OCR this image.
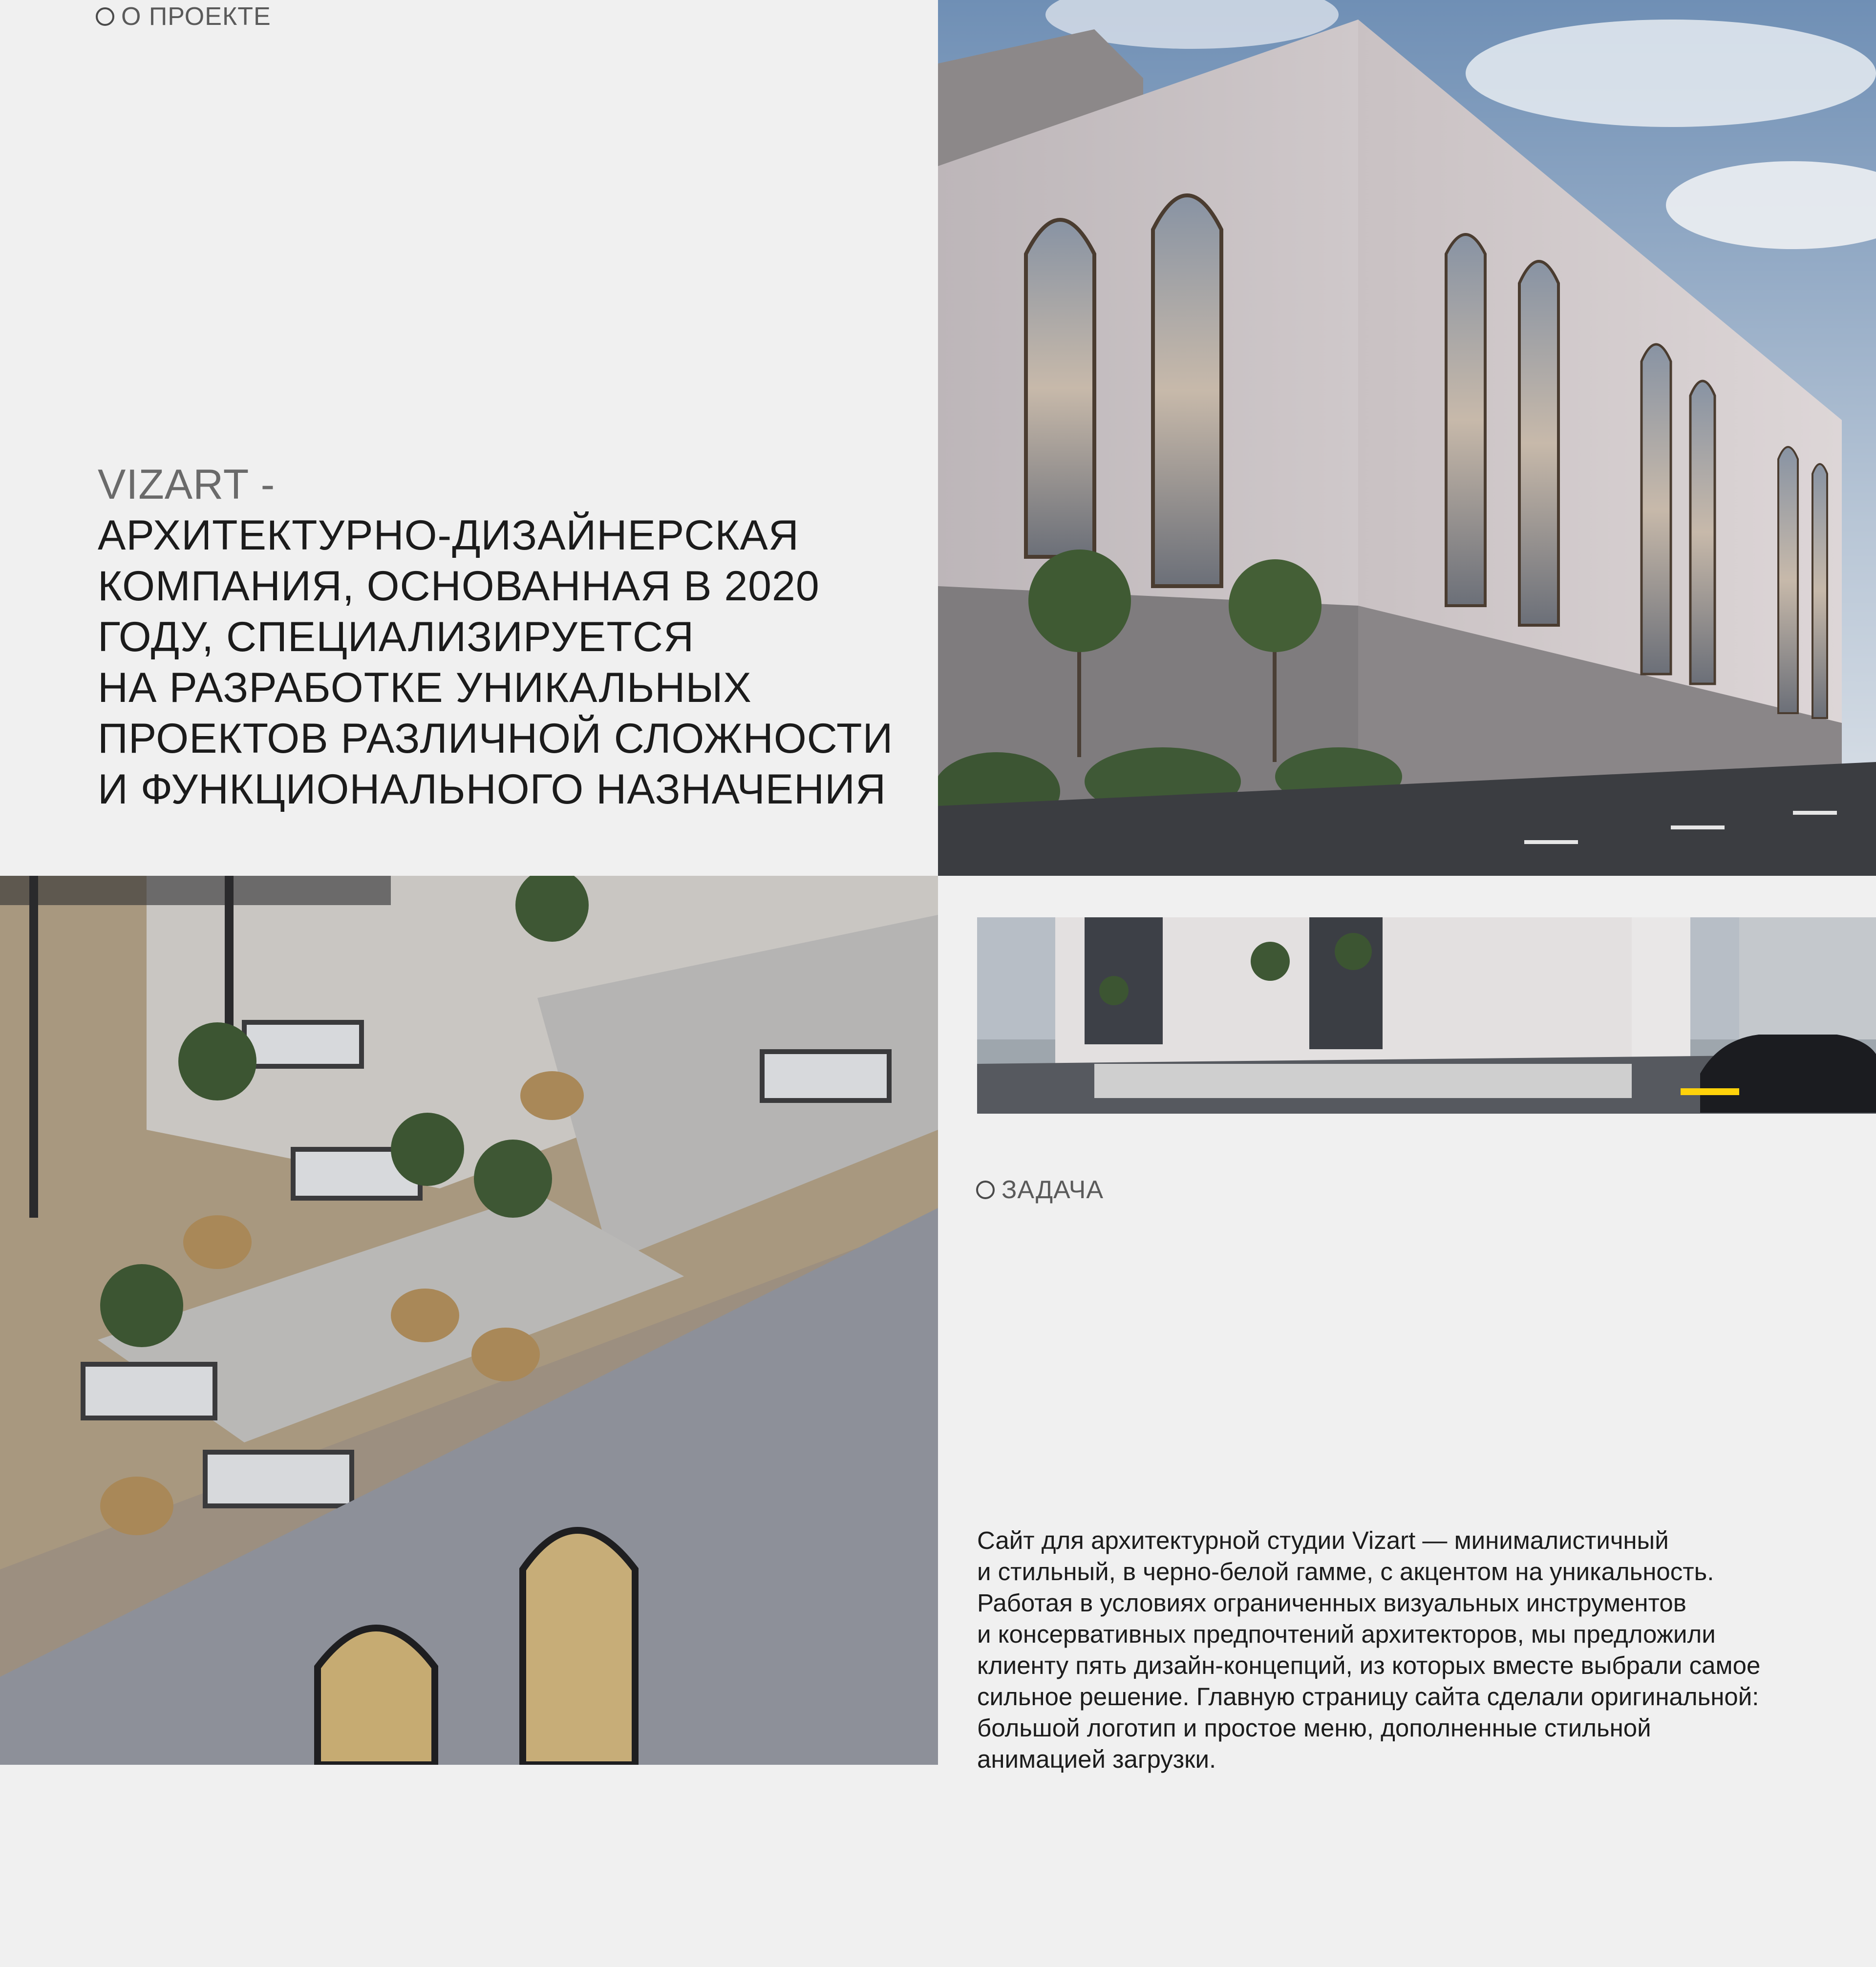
О ПРОЕКТЕ
VIZART -
АРХИТЕКТУРНО-ДИЗАЙНЕРСКАЯ
КОМПАНИЯ, ОСНОВАННАЯ В 2020
ГОДУ, СПЕЦИАЛИЗИРУЕТСЯ
НА РАЗРАБОТКЕ УНИКАЛЬНЫХ
ПРОЕКТОВ РАЗЛИЧНОЙ СЛОЖНОСТИ
И ФУНКЦИОНАЛЬНОГО НАЗНАЧЕНИЯ
ЗАДАЧА
Сайт для архитектурной студии Vizart — минималистичный
и стильный, в черно-белой гамме, с акцентом на уникальность.
Работая в условиях ограниченных визуальных инструментов
и консервативных предпочтений архитекторов, мы предложили
клиенту пять дизайн-концепций, из которых вместе выбрали самое
сильное решение. Главную страницу сайта сделали оригинальной:
большой логотип и простое меню, дополненные стильной
анимацией загрузки.
